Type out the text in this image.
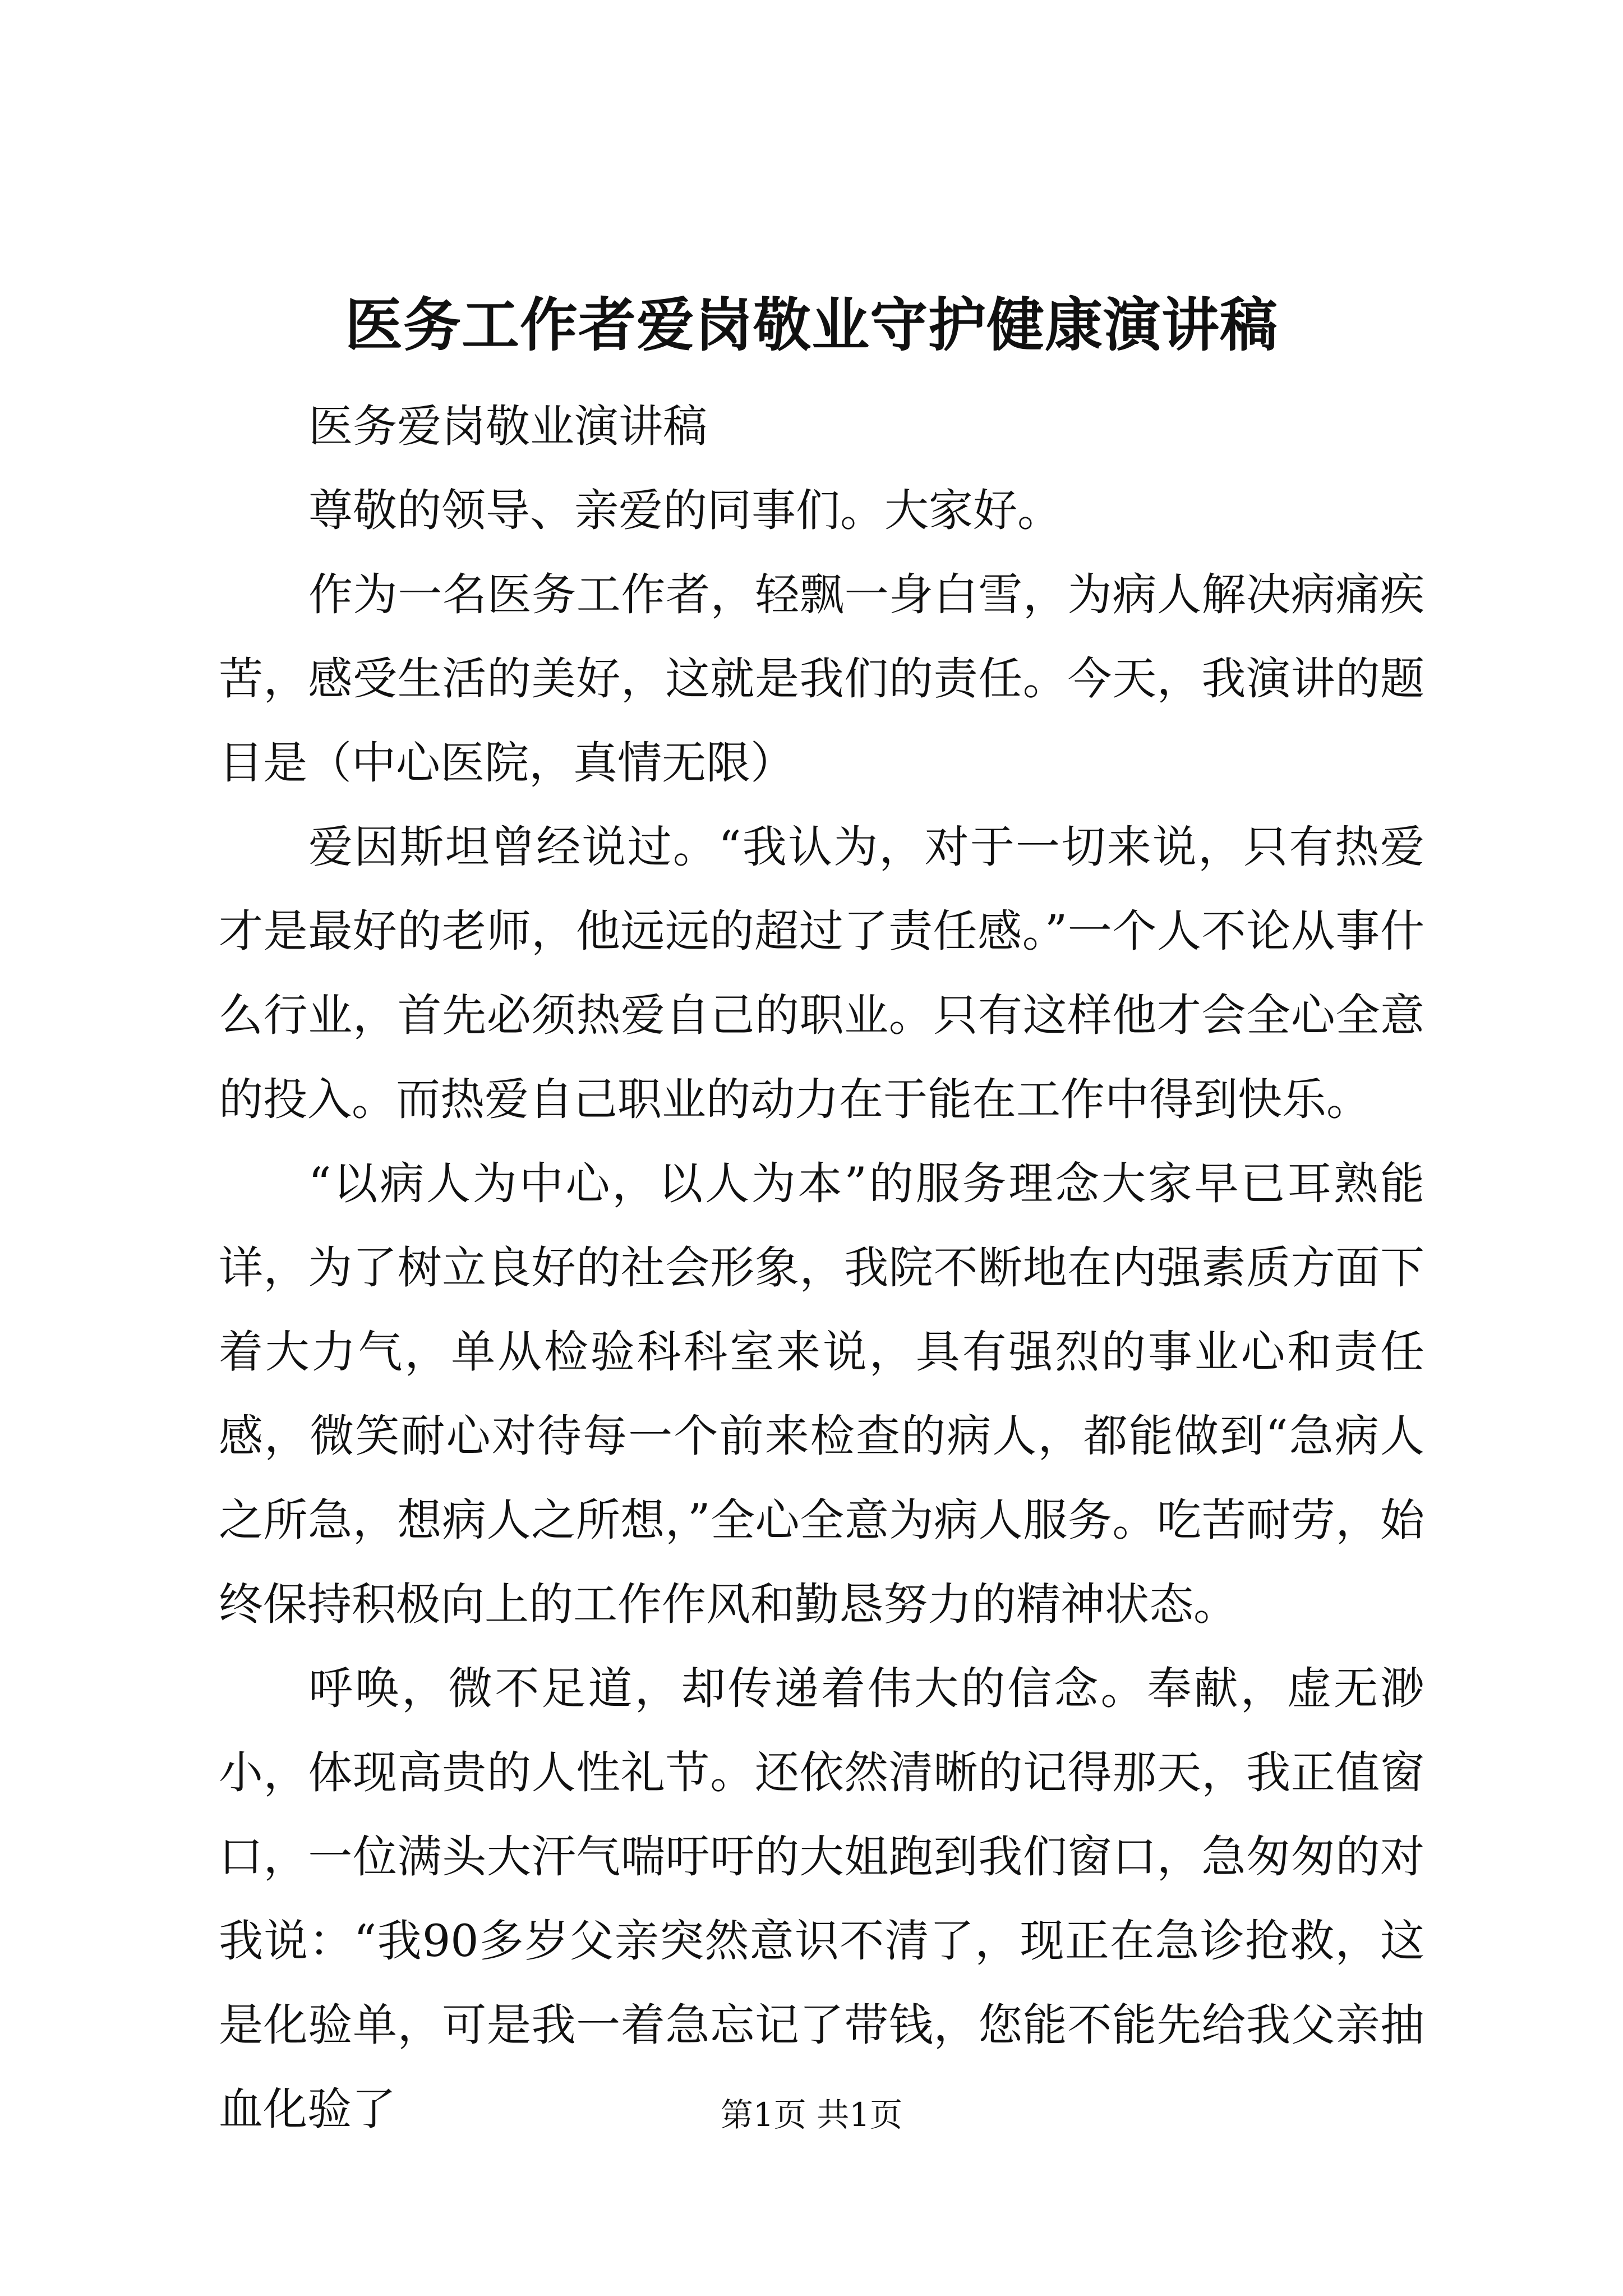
医务工作者爱岗敬业守护健康演讲稿

医务爱岗敬业演讲稿

尊敬的领导、亲爱的同事们。大家好。

作为一名医务工作者，轻飘一身白雪，为病人解决病痛疾苦，感受生活的美好，这就是我们的责任。今天，我演讲的题目是（中心医院，真情无限）

爱因斯坦曾经说过。“我认为，对于一切来说，只有热爱才是最好的老师，他远远的超过了责任感。”一个人不论从事什么行业，首先必须热爱自己的职业。只有这样他才会全心全意的投入。而热爱自己职业的动力在于能在工作中得到快乐。

“以病人为中心，以人为本”的服务理念大家早已耳熟能详，为了树立良好的社会形象，我院不断地在内强素质方面下着大力气，单从检验科科室来说，具有强烈的事业心和责任感，微笑耐心对待每一个前来检查的病人，都能做到“急病人之所急，想病人之所想，”全心全意为病人服务。吃苦耐劳，始终保持积极向上的工作作风和勤恳努力的精神状态。

呼唤，微不足道，却传递着伟大的信念。奉献，虚无渺小，体现高贵的人性礼节。还依然清晰的记得那天，我正值窗口，一位满头大汗气喘吁吁的大姐跑到我们窗口，急匆匆的对我说：“我90多岁父亲突然意识不清了，现正在急诊抢救，这是化验单，可是我一着急忘记了带钱，您能不能先给我父亲抽血化验了	第1页 共1页
